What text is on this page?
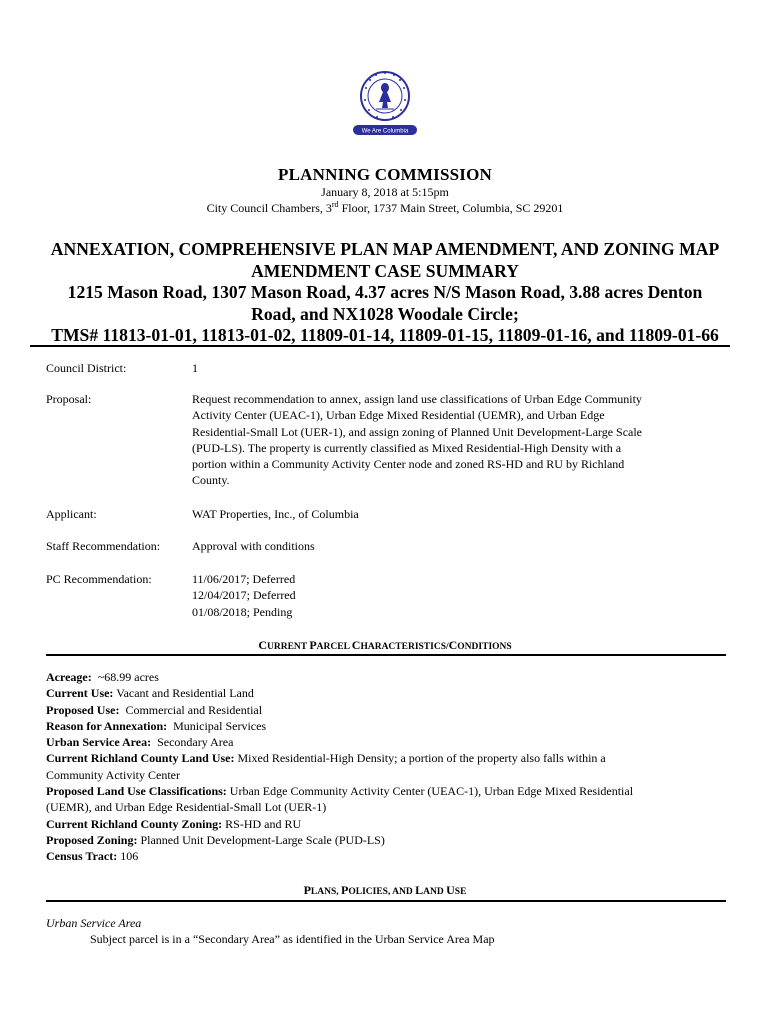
We Are Columbia
PLANNING COMMISSION
January 8, 2018 at 5:15pm
City Council Chambers, 3rd Floor, 1737 Main Street, Columbia, SC 29201
ANNEXATION, COMPREHENSIVE PLAN MAP AMENDMENT, AND ZONING MAP
AMENDMENT CASE SUMMARY
1215 Mason Road, 1307 Mason Road, 4.37 acres N/S Mason Road, 3.88 acres Denton
Road, and NX1028 Woodale Circle;
TMS# 11813-01-01, 11813-01-02, 11809-01-14, 11809-01-15, 11809-01-16, and 11809-01-66
Council District:	1
Proposal:	Request recommendation to annex, assign land use classifications of Urban Edge Community
Activity Center (UEAC-1), Urban Edge Mixed Residential (UEMR), and Urban Edge
Residential-Small Lot (UER-1), and assign zoning of Planned Unit Development-Large Scale
(PUD-LS). The property is currently classified as Mixed Residential-High Density with a
portion within a Community Activity Center node and zoned RS-HD and RU by Richland
County.
Applicant:	WAT Properties, Inc., of Columbia
Staff Recommendation:	Approval with conditions
PC Recommendation:	11/06/2017; Deferred
12/04/2017; Deferred
01/08/2018; Pending
CURRENT PARCEL CHARACTERISTICS/CONDITIONS
Acreage: ~68.99 acres
Current Use: Vacant and Residential Land
Proposed Use: Commercial and Residential
Reason for Annexation: Municipal Services
Urban Service Area: Secondary Area
Current Richland County Land Use: Mixed Residential-High Density; a portion of the property also falls within a
Community Activity Center
Proposed Land Use Classifications: Urban Edge Community Activity Center (UEAC-1), Urban Edge Mixed Residential
(UEMR), and Urban Edge Residential-Small Lot (UER-1)
Current Richland County Zoning: RS-HD and RU
Proposed Zoning: Planned Unit Development-Large Scale (PUD-LS)
Census Tract: 106
PLANS, POLICIES, AND LAND USE
Urban Service Area
Subject parcel is in a “Secondary Area” as identified in the Urban Service Area Map
